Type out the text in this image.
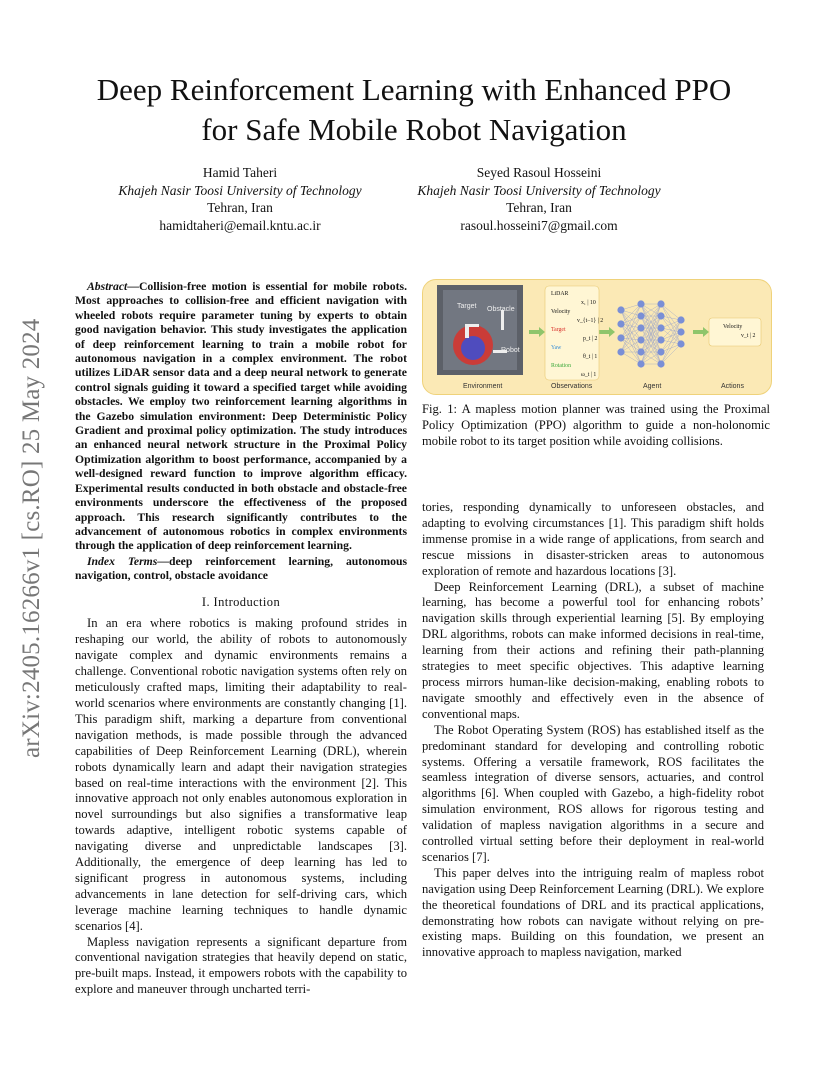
Deep Reinforcement Learning with Enhanced PPO
for Safe Mobile Robot Navigation
Hamid Taheri
Khajeh Nasir Toosi University of Technology
Tehran, Iran
hamidtaheri@email.kntu.ac.ir
Seyed Rasoul Hosseini
Khajeh Nasir Toosi University of Technology
Tehran, Iran
rasoul.hosseini7@gmail.com
arXiv:2405.16266v1 [cs.RO] 25 May 2024

Abstract—Collision-free motion is essential for mobile robots. Most approaches to collision-free and efficient navigation with wheeled robots require parameter tuning by experts to obtain good navigation behavior. This study investigates the application of deep reinforcement learning to train a mobile robot for autonomous navigation in a complex environment. The robot utilizes LiDAR sensor data and a deep neural network to generate control signals guiding it toward a specified target while avoiding obstacles. We employ two reinforcement learning algorithms in the Gazebo simulation environment: Deep Deterministic Policy Gradient and proximal policy optimization. The study introduces an enhanced neural network structure in the Proximal Policy Optimization algorithm to boost performance, accompanied by a well-designed reward function to improve algorithm efficacy. Experimental results conducted in both obstacle and obstacle-free environments underscore the effectiveness of the proposed approach. This research significantly contributes to the advancement of autonomous robotics in complex environments through the application of deep reinforcement learning.

Index Terms—deep reinforcement learning, autonomous navigation, control, obstacle avoidance

I. Introduction

In an era where robotics is making profound strides in reshaping our world, the ability of robots to autonomously navigate complex and dynamic environments remains a challenge. Conventional robotic navigation systems often rely on meticulously crafted maps, limiting their adaptability to real-world scenarios where environments are constantly changing [1]. This paradigm shift, marking a departure from conventional navigation methods, is made possible through the advanced capabilities of Deep Reinforcement Learning (DRL), wherein robots dynamically learn and adapt their navigation strategies based on real-time interactions with the environment [2]. This innovative approach not only enables autonomous exploration in novel surroundings but also signifies a transformative leap towards adaptive, intelligent robotic systems capable of navigating diverse and unpredictable landscapes [3]. Additionally, the emergence of deep learning has led to significant progress in autonomous systems, including advancements in lane detection for self-driving cars, which leverage machine learning techniques to handle dynamic scenarios [4].

Mapless navigation represents a significant departure from conventional navigation strategies that heavily depend on static, pre-built maps. Instead, it empowers robots with the capability to explore and maneuver through uncharted terri-

Target Obstacle
Robot
LiDAR
x₁ | 10
Velocity
v_{t−1} | 2
Target
p_t | 2
Yaw
θ_t | 1
Rotation
ω_t | 1
Velocity
v_t | 2
Environment	Observations	Agent	Actions
Fig. 1: A mapless motion planner was trained using the Proximal Policy Optimization (PPO) algorithm to guide a non-holonomic mobile robot to its target position while avoiding collisions.

tories, responding dynamically to unforeseen obstacles, and adapting to evolving circumstances [1]. This paradigm shift holds immense promise in a wide range of applications, from search and rescue missions in disaster-stricken areas to autonomous exploration of remote and hazardous locations [3].

Deep Reinforcement Learning (DRL), a subset of machine learning, has become a powerful tool for enhancing robots’ navigation skills through experiential learning [5]. By employing DRL algorithms, robots can make informed decisions in real-time, learning from their actions and refining their path-planning strategies to meet specific objectives. This adaptive learning process mirrors human-like decision-making, enabling robots to navigate smoothly and effectively even in the absence of conventional maps.

The Robot Operating System (ROS) has established itself as the predominant standard for developing and controlling robotic systems. Offering a versatile framework, ROS facilitates the seamless integration of diverse sensors, actuaries, and control algorithms [6]. When coupled with Gazebo, a high-fidelity robot simulation environment, ROS allows for rigorous testing and validation of mapless navigation algorithms in a secure and controlled virtual setting before their deployment in real-world scenarios [7].

This paper delves into the intriguing realm of mapless robot navigation using Deep Reinforcement Learning (DRL). We explore the theoretical foundations of DRL and its practical applications, demonstrating how robots can navigate without relying on pre-existing maps. Building on this foundation, we present an innovative approach to mapless navigation, marked
